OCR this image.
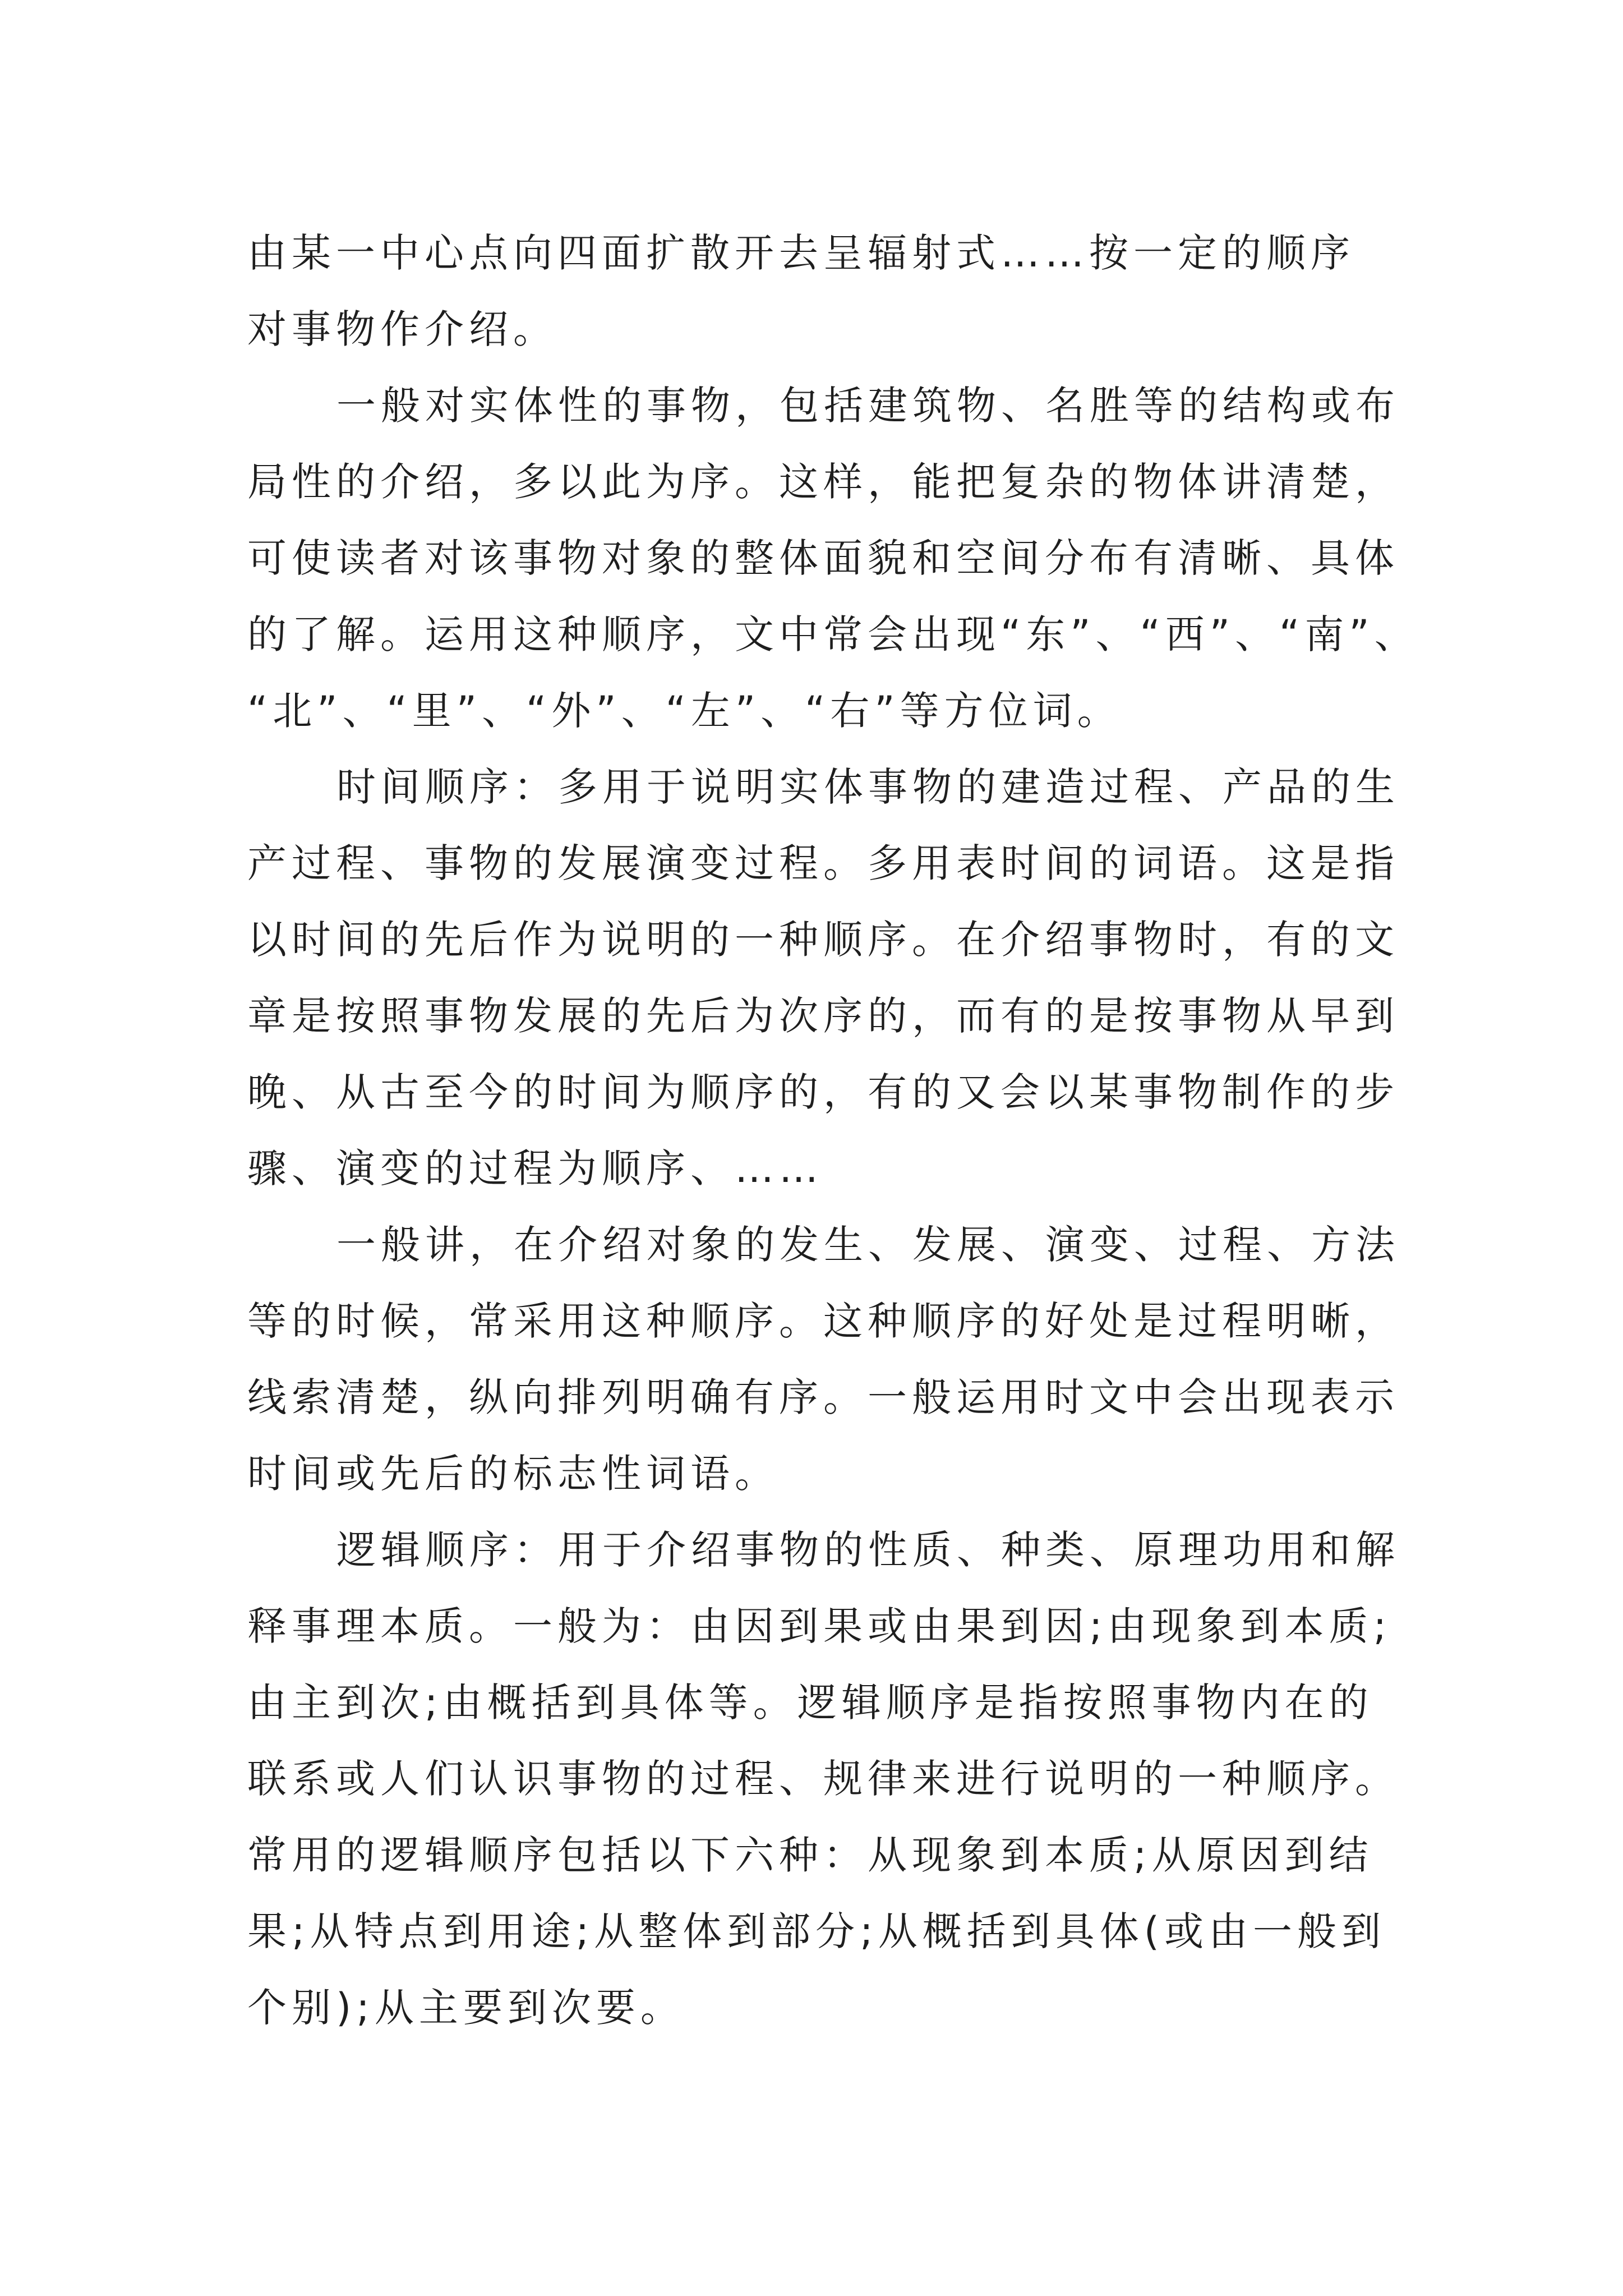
由某一中心点向四面扩散开去呈辐射式……按一定的顺序
对事物作介绍。
一般对实体性的事物，包括建筑物、名胜等的结构或布
局性的介绍，多以此为序。这样，能把复杂的物体讲清楚，
可使读者对该事物对象的整体面貌和空间分布有清晰、具体
的了解。运用这种顺序，文中常会出现“东”、“西”、“南”、
“北”、“里”、“外”、“左”、“右”等方位词。
时间顺序：多用于说明实体事物的建造过程、产品的生
产过程、事物的发展演变过程。多用表时间的词语。这是指
以时间的先后作为说明的一种顺序。在介绍事物时，有的文
章是按照事物发展的先后为次序的，而有的是按事物从早到
晚、从古至今的时间为顺序的，有的又会以某事物制作的步
骤、演变的过程为顺序、……
一般讲，在介绍对象的发生、发展、演变、过程、方法
等的时候，常采用这种顺序。这种顺序的好处是过程明晰，
线索清楚，纵向排列明确有序。一般运用时文中会出现表示
时间或先后的标志性词语。
逻辑顺序：用于介绍事物的性质、种类、原理功用和解
释事理本质。一般为：由因到果或由果到因;由现象到本质;
由主到次;由概括到具体等。逻辑顺序是指按照事物内在的
联系或人们认识事物的过程、规律来进行说明的一种顺序。
常用的逻辑顺序包括以下六种：从现象到本质;从原因到结
果;从特点到用途;从整体到部分;从概括到具体(或由一般到
个别);从主要到次要。
